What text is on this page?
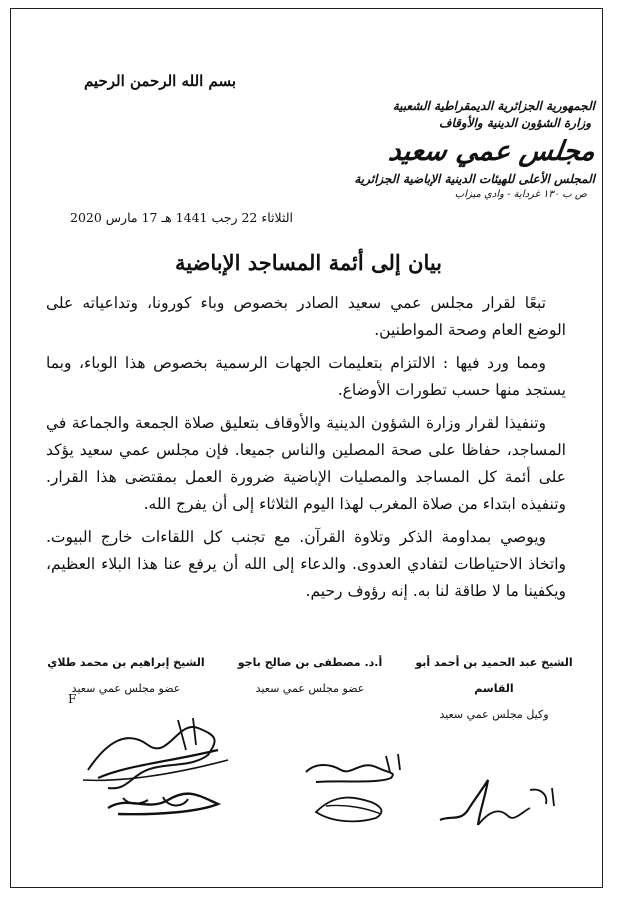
بسم الله الرحمن الرحيم
الجمهورية الجزائرية الديمقراطية الشعبية
وزارة الشؤون الدينية والأوقاف
مجلس عمي سعيد
المجلس الأعلى للهيئات الدينية الإباضية الجزائرية
ص ب ١٣٠ غرداية - وادي ميزاب
الثلاثاء 22 رجب 1441 هـ 17 مارس 2020
بيان إلى أئمة المساجد الإباضية

تبعًا لقرار مجلس عمي سعيد الصادر بخصوص وباء كورونا، وتداعياته على الوضع العام وصحة المواطنين.

ومما ورد فيها : الالتزام بتعليمات الجهات الرسمية بخصوص هذا الوباء، وبما يستجد منها حسب تطورات الأوضاع.

وتنفيذا لقرار وزارة الشؤون الدينية والأوقاف بتعليق صلاة الجمعة والجماعة في المساجد، حفاظا على صحة المصلين والناس جميعا. فإن مجلس عمي سعيد يؤكد على أئمة كل المساجد والمصليات الإباضية ضرورة العمل بمقتضى هذا القرار. وتنفيذه ابتداء من صلاة المغرب لهذا اليوم الثلاثاء إلى أن يفرج الله.

ويوصي بمداومة الذكر وتلاوة القرآن. مع تجنب كل اللقاءات خارج البيوت. واتخاذ الاحتياطات لتفادي العدوى. والدعاء إلى الله أن يرفع عنا هذا البلاء العظيم، ويكفينا ما لا طاقة لنا به. إنه رؤوف رحيم.

الشيخ إبراهيم بن محمد طلاي
عضو مجلس عمي سعيد
أ.د. مصطفى بن صالح باجو
عضو مجلس عمي سعيد
الشيخ عبد الحميد بن أحمد أبو القاسم
وكيل مجلس عمي سعيد
F
